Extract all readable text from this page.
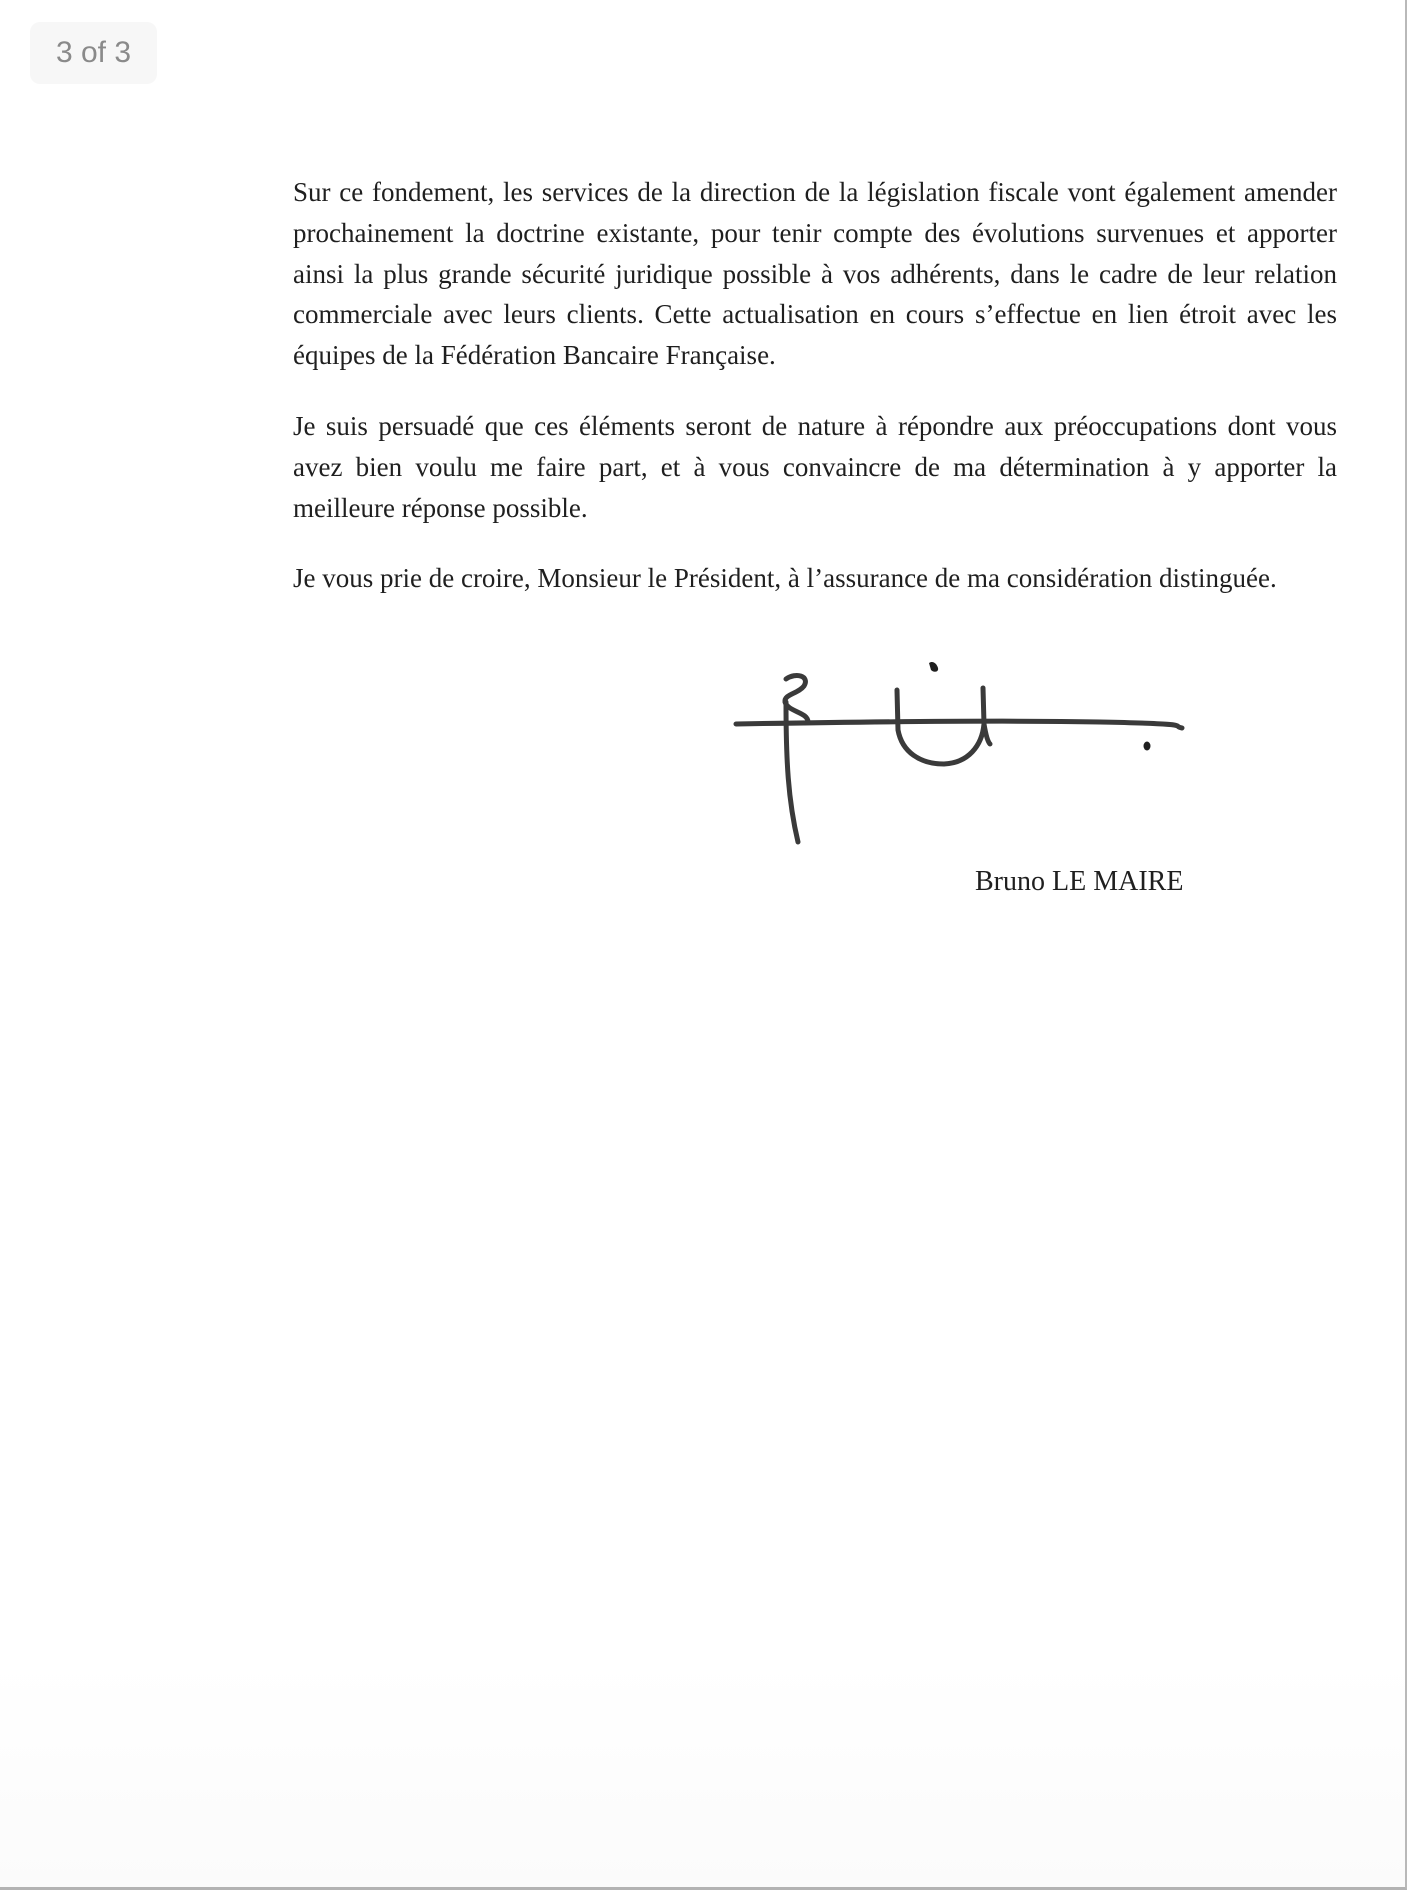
3 of 3

Sur ce fondement, les services de la direction de la législation fiscale vont également amender prochainement la doctrine existante, pour tenir compte des évolutions survenues et apporter ainsi la plus grande sécurité juridique possible à vos adhérents, dans le cadre de leur relation commerciale avec leurs clients. Cette actualisation en cours s’effectue en lien étroit avec les équipes de la Fédération Bancaire Française.

Je suis persuadé que ces éléments seront de nature à répondre aux préoccupations dont vous avez bien voulu me faire part, et à vous convaincre de ma détermination à y apporter la meilleure réponse possible.

Je vous prie de croire, Monsieur le Président, à l’assurance de ma considération distinguée.

Bruno LE MAIRE
